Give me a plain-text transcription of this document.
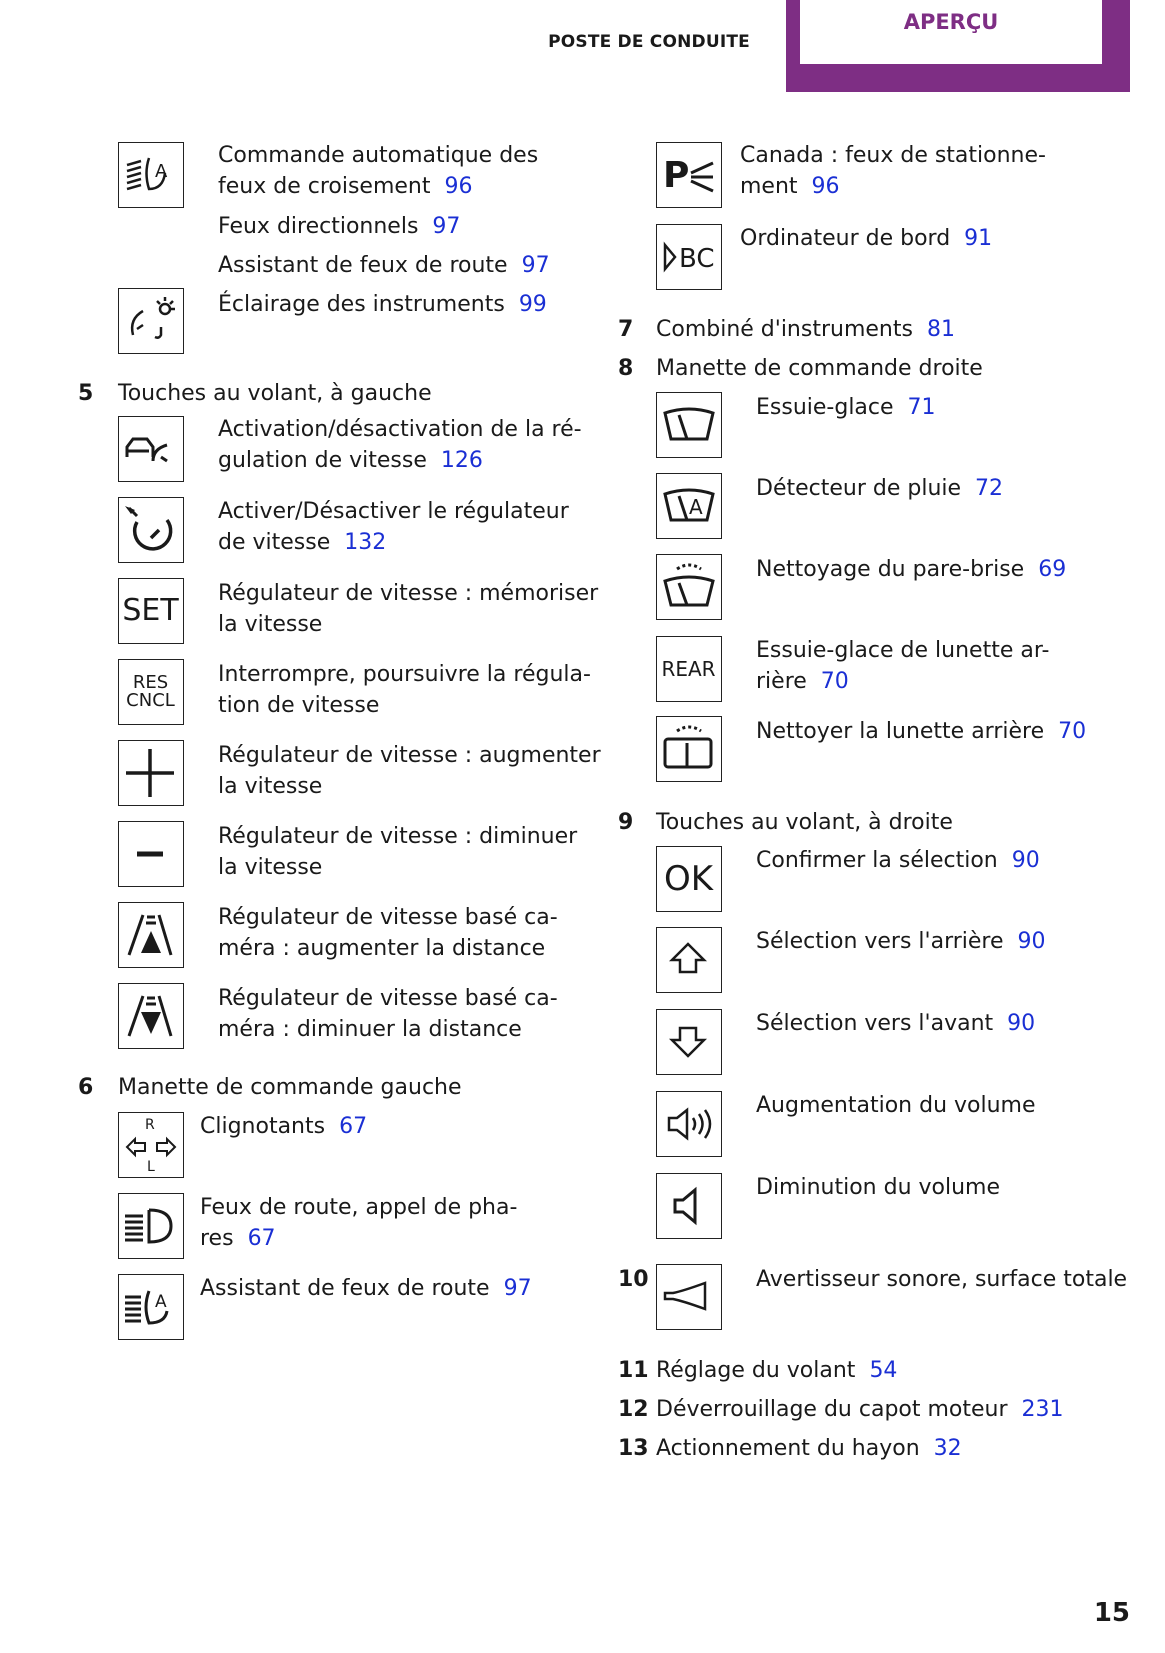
POSTE DE CONDUITE
APERÇU
A
Commande automatique des feux de croisement 96
Feux directionnels 97
Assistant de feux de route 97
Éclairage des instruments 99
5 Touches au volant, à gauche
Activation/désactivation de la ré-
gulation de vitesse 126
Activer/Désactiver le régulateur
de vitesse 132
SET Régulateur de vitesse : mémoriser
la vitesse
RES
CNCL
Interrompre, poursuivre la régula-
tion de vitesse
Régulateur de vitesse : augmenter
la vitesse
Régulateur de vitesse : diminuer
la vitesse
Régulateur de vitesse basé ca-
méra : augmenter la distance
Régulateur de vitesse basé ca-
méra : diminuer la distance
6 Manette de commande gauche
R
L
Clignotants 67
Feux de route, appel de pha-
res 67
A
Assistant de feux de route 97
P Canada : feux de stationne-
ment 96
BC
Ordinateur de bord 91
7 Combiné d'instruments 81
8 Manette de commande droite
Essuie-glace 71
A
Détecteur de pluie 72
Nettoyage du pare-brise 69
REAR
Essuie-glace de lunette ar-
rière 70
Nettoyer la lunette arrière 70
9 Touches au volant, à droite
OK	Confirmer la sélection 90
Sélection vers l'arrière 90
Sélection vers l'avant 90
Augmentation du volume
Diminution du volume
10	Avertisseur sonore, surface totale
11 Réglage du volant 54
12 Déverrouillage du capot moteur 231
13 Actionnement du hayon 32
15
